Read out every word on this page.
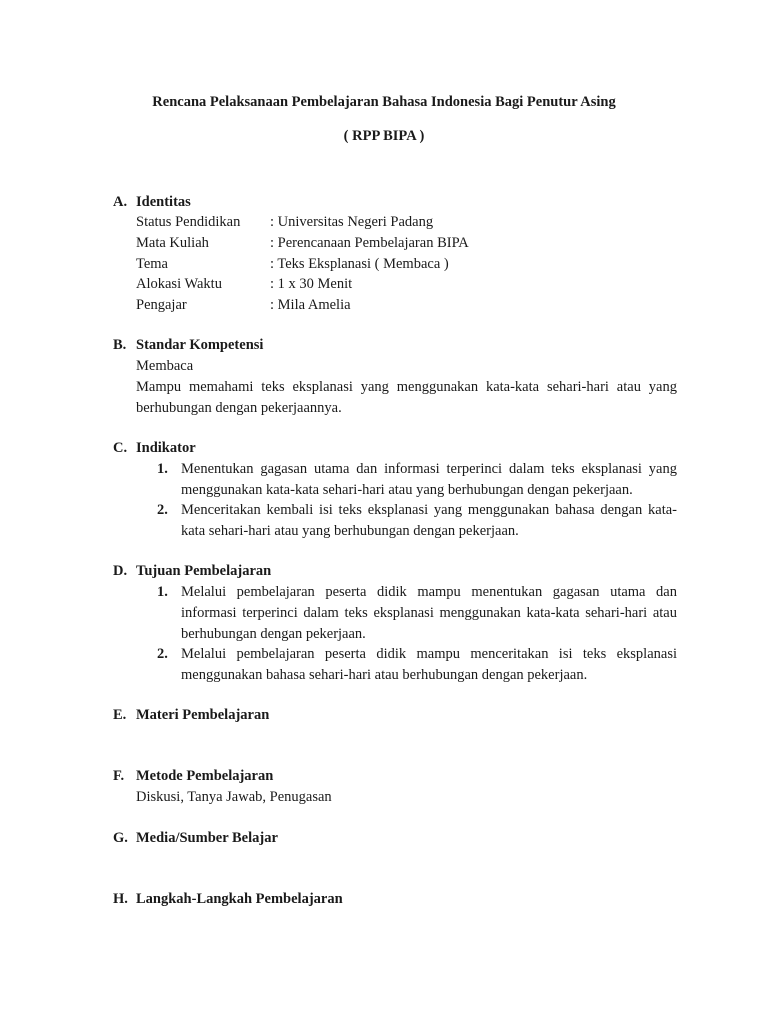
Rencana Pelaksanaan Pembelajaran Bahasa Indonesia Bagi Penutur Asing
( RPP BIPA )
A. Identitas
Status Pendidikan : Universitas Negeri Padang
Mata Kuliah	: Perencanaan Pembelajaran BIPA
Tema	: Teks Eksplanasi ( Membaca )
Alokasi Waktu	: 1 x 30 Menit
Pengajar	: Mila Amelia
B. Standar Kompetensi
Membaca
Mampu memahami teks eksplanasi yang menggunakan kata-kata sehari-hari atau yang berhubungan dengan pekerjaannya.
C. Indikator
1. Menentukan gagasan utama dan informasi terperinci dalam teks eksplanasi yang menggunakan kata-kata sehari-hari atau yang berhubungan dengan pekerjaan.
2. Menceritakan kembali isi teks eksplanasi yang menggunakan bahasa dengan kata-kata sehari-hari atau yang berhubungan dengan pekerjaan.
D. Tujuan Pembelajaran
1. Melalui pembelajaran peserta didik mampu menentukan gagasan utama dan informasi terperinci dalam teks eksplanasi menggunakan kata-kata sehari-hari atau berhubungan dengan pekerjaan.
2. Melalui pembelajaran peserta didik mampu menceritakan isi teks eksplanasi menggunakan bahasa sehari-hari atau berhubungan dengan pekerjaan.
E. Materi Pembelajaran
F. Metode Pembelajaran
Diskusi, Tanya Jawab, Penugasan
G. Media/Sumber Belajar
H. Langkah-Langkah Pembelajaran
